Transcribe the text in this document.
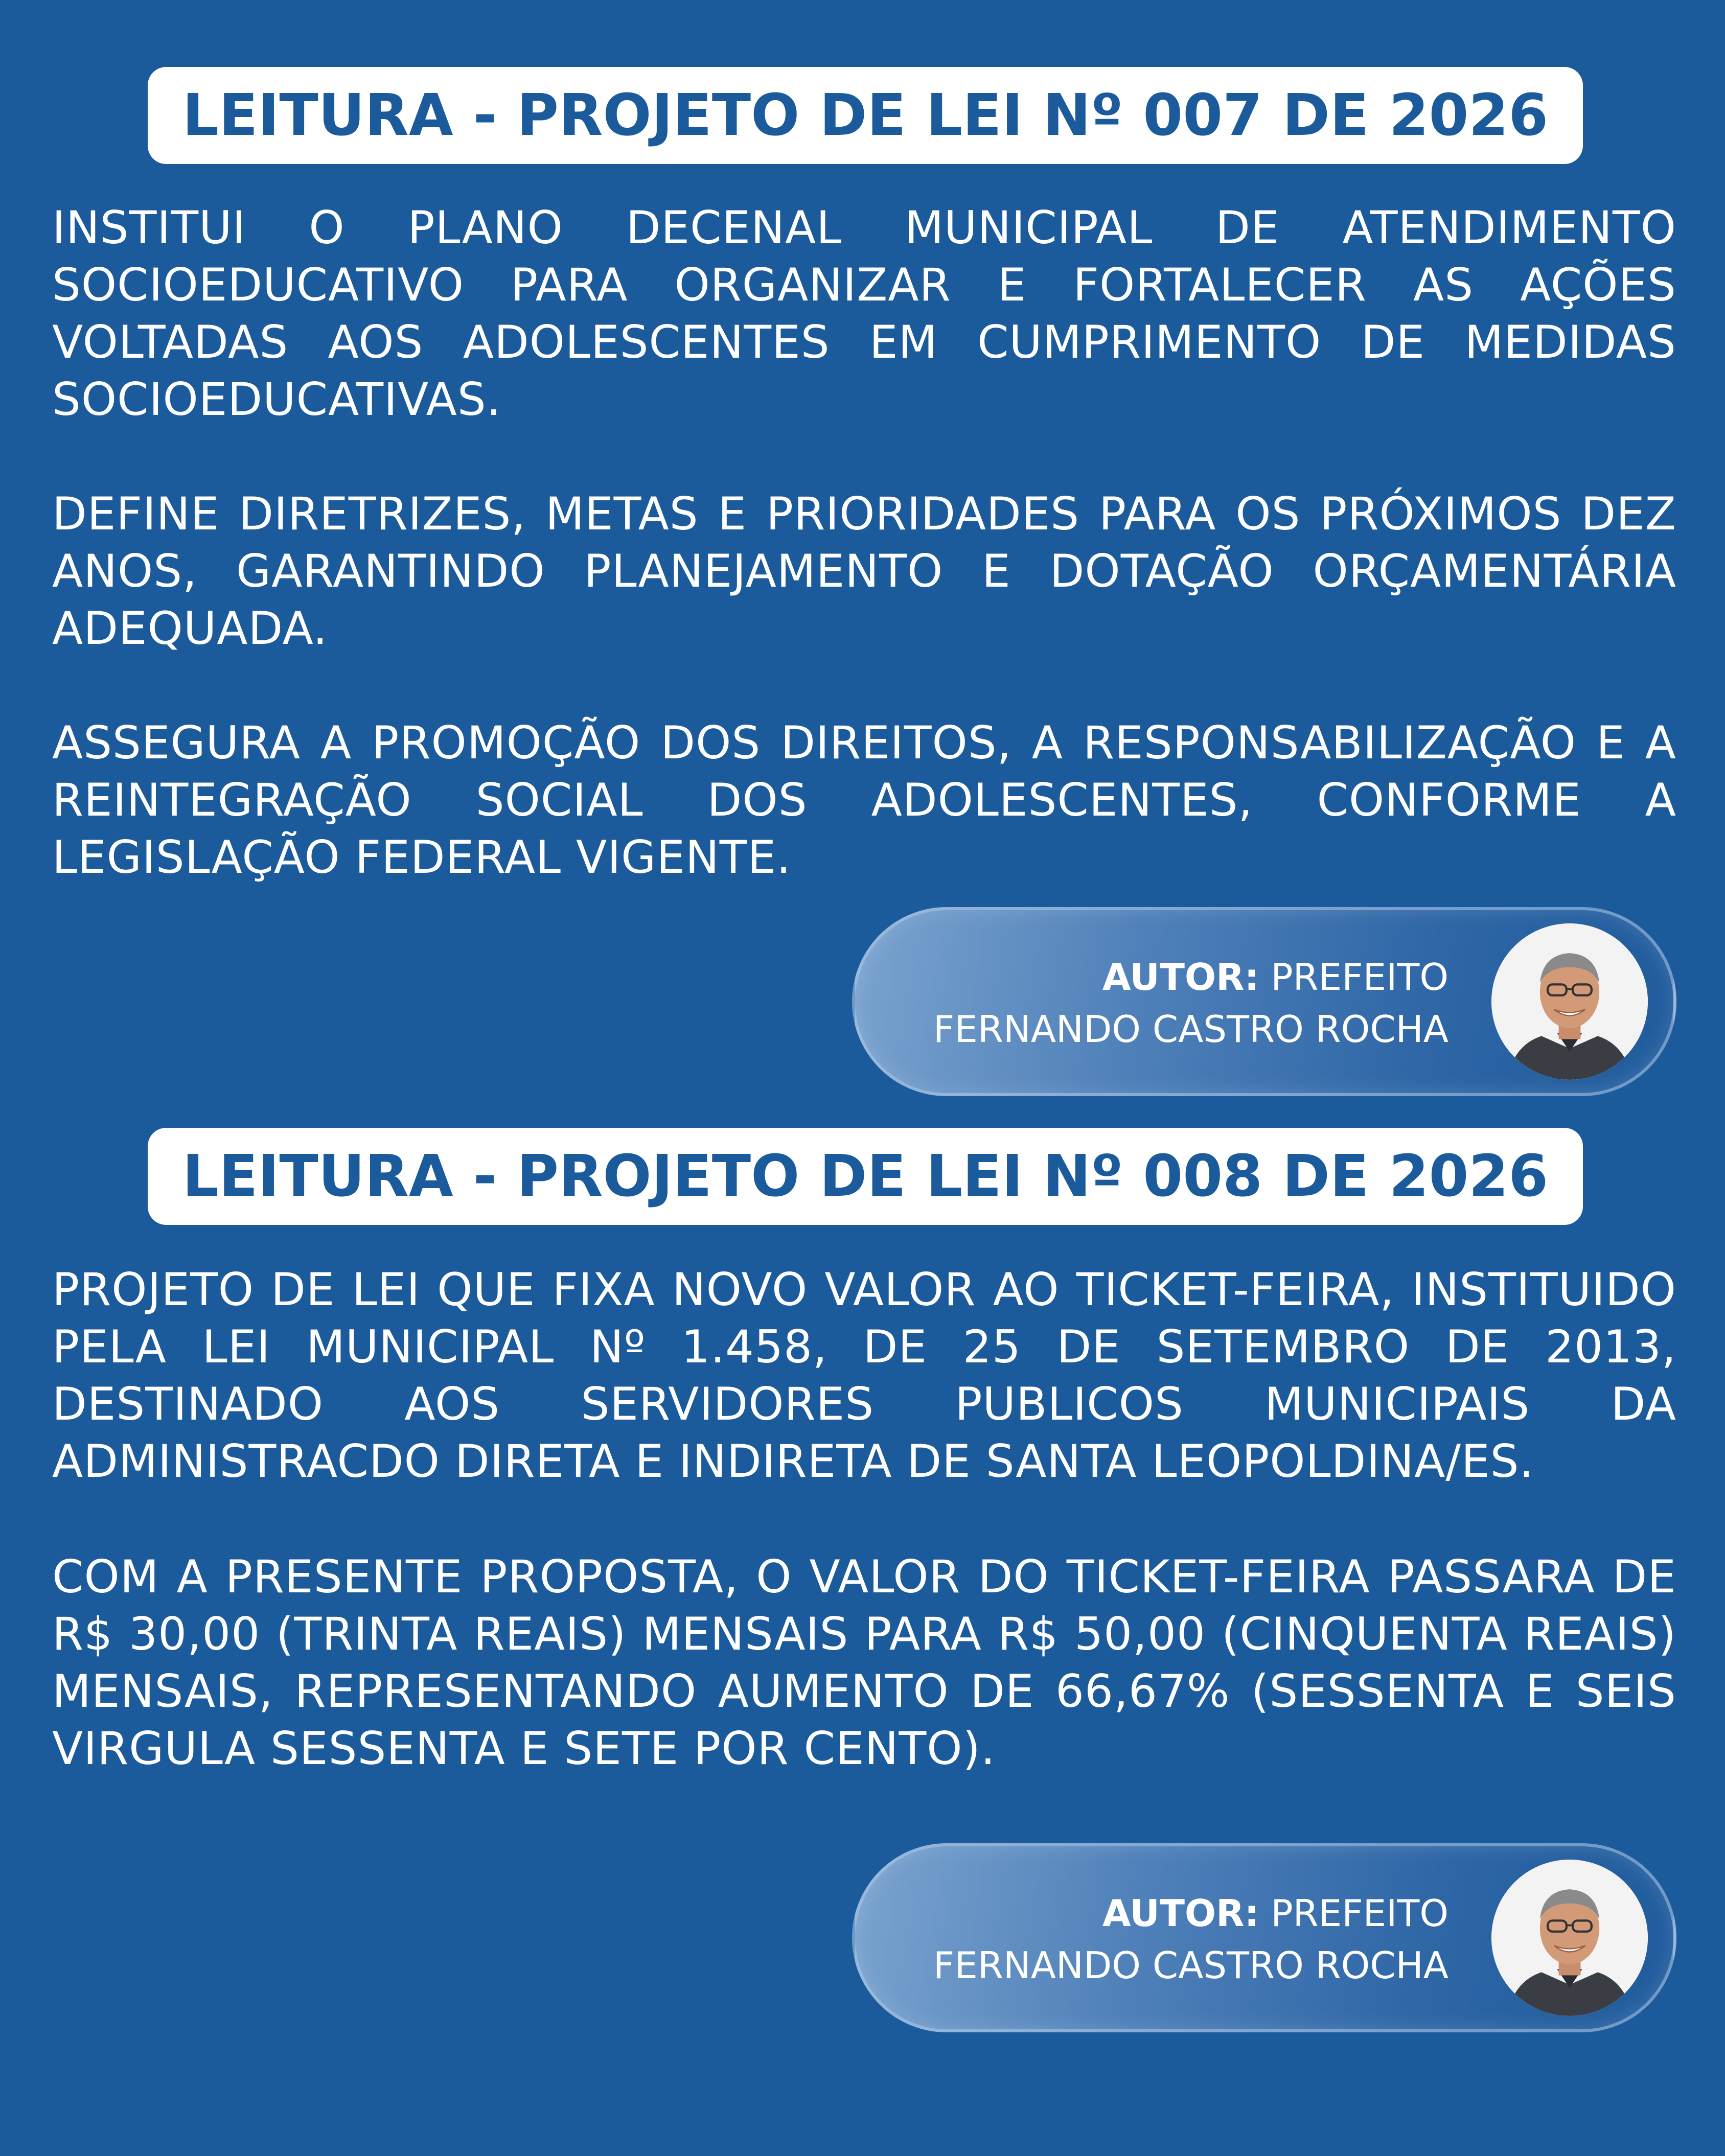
LEITURA - PROJETO DE LEI Nº 007 DE 2026

INSTITUI O PLANO DECENAL MUNICIPAL DE ATENDIMENTO SOCIOEDUCATIVO PARA ORGANIZAR E FORTALECER AS AÇÕES VOLTADAS AOS ADOLESCENTES EM CUMPRIMENTO DE MEDIDAS SOCIOEDUCATIVAS.

DEFINE DIRETRIZES, METAS E PRIORIDADES PARA OS PRÓXIMOS DEZ ANOS, GARANTINDO PLANEJAMENTO E DOTAÇÃO ORÇAMENTÁRIA ADEQUADA.

ASSEGURA A PROMOÇÃO DOS DIREITOS, A RESPONSABILIZAÇÃO E A REINTEGRAÇÃO SOCIAL DOS ADOLESCENTES, CONFORME A LEGISLAÇÃO FEDERAL VIGENTE.

AUTOR: PREFEITO
FERNANDO CASTRO ROCHA
LEITURA - PROJETO DE LEI Nº 008 DE 2026

PROJETO DE LEI QUE FIXA NOVO VALOR AO TICKET-FEIRA, INSTITUIDO PELA LEI MUNICIPAL Nº 1.458, DE 25 DE SETEMBRO DE 2013, DESTINADO AOS SERVIDORES PUBLICOS MUNICIPAIS DA ADMINISTRACDO DIRETA E INDIRETA DE SANTA LEOPOLDINA/ES.

COM A PRESENTE PROPOSTA, O VALOR DO TICKET-FEIRA PASSARA DE R$ 30,00 (TRINTA REAIS) MENSAIS PARA R$ 50,00 (CINQUENTA REAIS) MENSAIS, REPRESENTANDO AUMENTO DE 66,67% (SESSENTA E SEIS VIRGULA SESSENTA E SETE POR CENTO).

AUTOR: PREFEITO
FERNANDO CASTRO ROCHA
